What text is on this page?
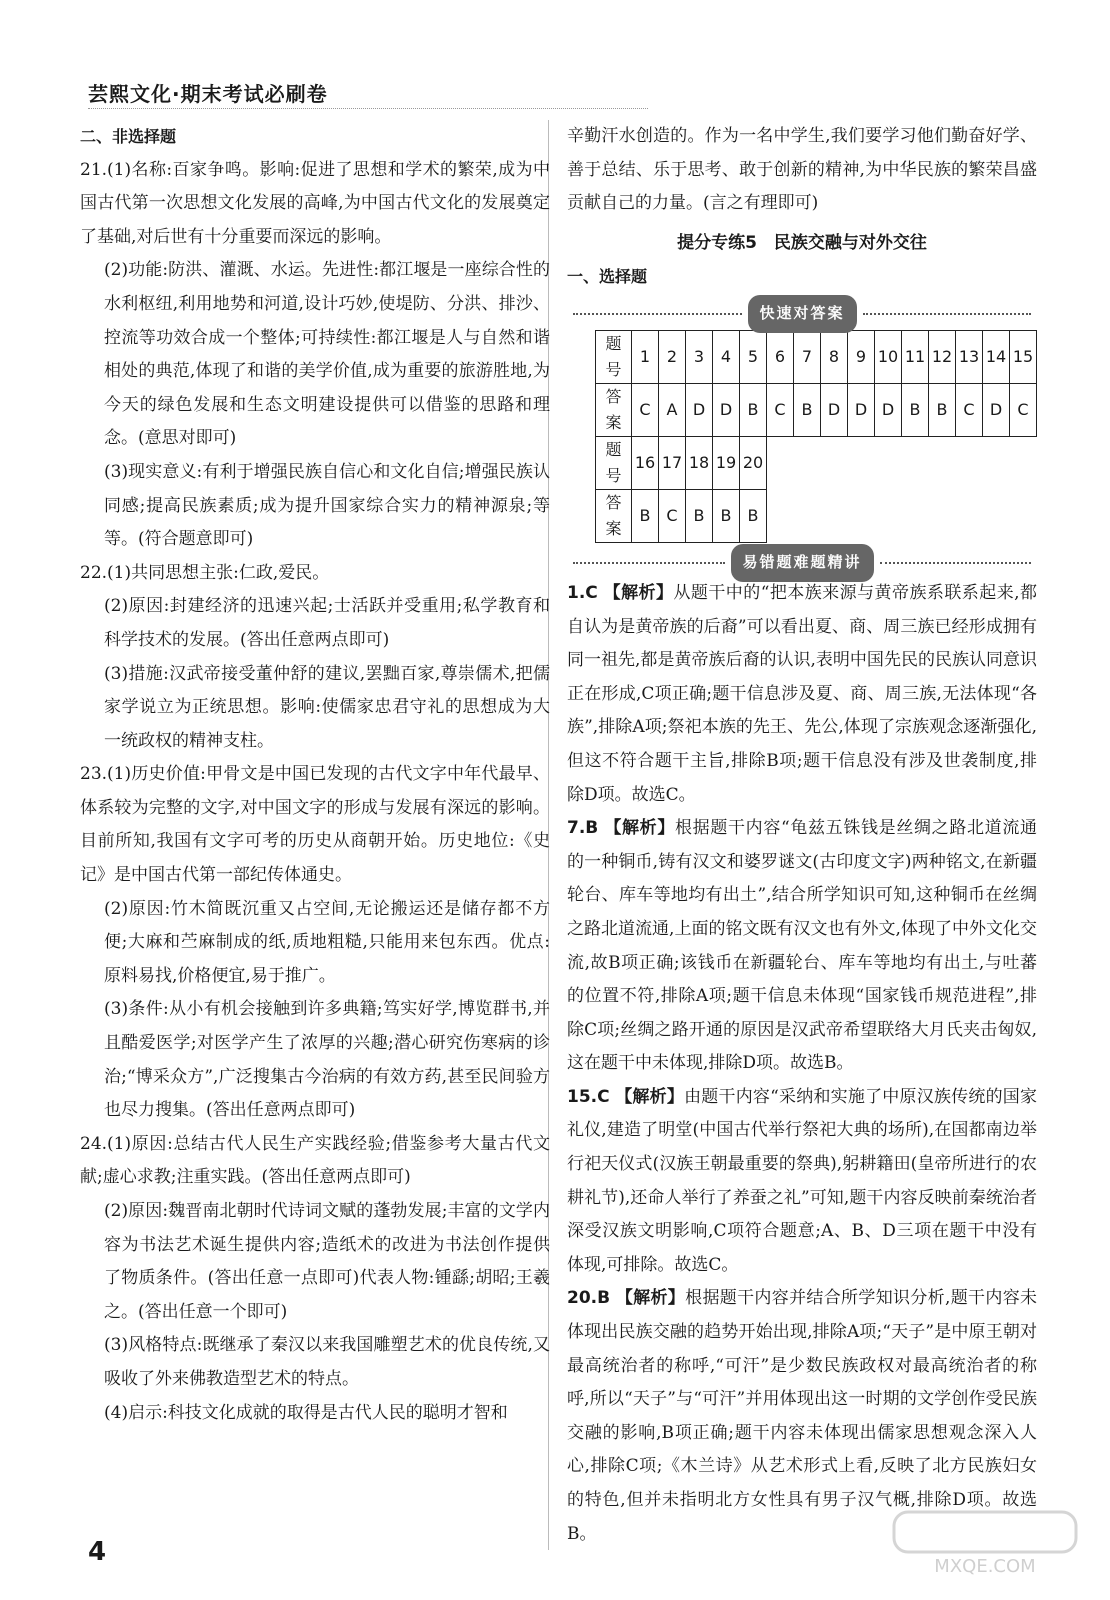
芸熙文化·期末考试必刷卷

二、非选择题

21.(1)名称:百家争鸣。影响:促进了思想和学术的繁荣,成为中国古代第一次思想文化发展的高峰,为中国古代文化的发展奠定了基础,对后世有十分重要而深远的影响。

(2)功能:防洪、灌溉、水运。先进性:都江堰是一座综合性的水利枢纽,利用地势和河道,设计巧妙,使堤防、分洪、排沙、控流等功效合成一个整体;可持续性:都江堰是人与自然和谐相处的典范,体现了和谐的美学价值,成为重要的旅游胜地,为今天的绿色发展和生态文明建设提供可以借鉴的思路和理念。(意思对即可)

(3)现实意义:有利于增强民族自信心和文化自信;增强民族认同感;提高民族素质;成为提升国家综合实力的精神源泉;等等。(符合题意即可)

22.(1)共同思想主张:仁政,爱民。

(2)原因:封建经济的迅速兴起;士活跃并受重用;私学教育和科学技术的发展。(答出任意两点即可)

(3)措施:汉武帝接受董仲舒的建议,罢黜百家,尊崇儒术,把儒家学说立为正统思想。影响:使儒家忠君守礼的思想成为大一统政权的精神支柱。

23.(1)历史价值:甲骨文是中国已发现的古代文字中年代最早、体系较为完整的文字,对中国文字的形成与发展有深远的影响。目前所知,我国有文字可考的历史从商朝开始。历史地位:《史记》是中国古代第一部纪传体通史。

(2)原因:竹木简既沉重又占空间,无论搬运还是储存都不方便;大麻和苎麻制成的纸,质地粗糙,只能用来包东西。优点:原料易找,价格便宜,易于推广。

(3)条件:从小有机会接触到许多典籍;笃实好学,博览群书,并且酷爱医学;对医学产生了浓厚的兴趣;潜心研究伤寒病的诊治;“博采众方”,广泛搜集古今治病的有效方药,甚至民间验方也尽力搜集。(答出任意两点即可)

24.(1)原因:总结古代人民生产实践经验;借鉴参考大量古代文献;虚心求教;注重实践。(答出任意两点即可)

(2)原因:魏晋南北朝时代诗词文赋的蓬勃发展;丰富的文学内容为书法艺术诞生提供内容;造纸术的改进为书法创作提供了物质条件。(答出任意一点即可)代表人物:锺繇;胡昭;王羲之。(答出任意一个即可)

(3)风格特点:既继承了秦汉以来我国雕塑艺术的优良传统,又吸收了外来佛教造型艺术的特点。

(4)启示:科技文化成就的取得是古代人民的聪明才智和

辛勤汗水创造的。作为一名中学生,我们要学习他们勤奋好学、善于总结、乐于思考、敢于创新的精神,为中华民族的繁荣昌盛贡献自己的力量。(言之有理即可)

提分专练5　民族交融与对外交往

一、选择题

快速对答案
题号	1	2	3	4	5	6	7	8	9	10	11	12	13	14	15
答案	C	A	D	D	B	C	B	D	D	D	B	B	C	D	C
题号	16	17	18	19	20										
答案	B	C	B	B	B										
易错题难题精讲

1.C 【解析】从题干中的“把本族来源与黄帝族系联系起来,都自认为是黄帝族的后裔”可以看出夏、商、周三族已经形成拥有同一祖先,都是黄帝族后裔的认识,表明中国先民的民族认同意识正在形成,C项正确;题干信息涉及夏、商、周三族,无法体现“各族”,排除A项;祭祀本族的先王、先公,体现了宗族观念逐渐强化,但这不符合题干主旨,排除B项;题干信息没有涉及世袭制度,排除D项。故选C。

7.B 【解析】根据题干内容“龟兹五铢钱是丝绸之路北道流通的一种铜币,铸有汉文和婆罗谜文(古印度文字)两种铭文,在新疆轮台、库车等地均有出土”,结合所学知识可知,这种铜币在丝绸之路北道流通,上面的铭文既有汉文也有外文,体现了中外文化交流,故B项正确;该钱币在新疆轮台、库车等地均有出土,与吐蕃的位置不符,排除A项;题干信息未体现“国家钱币规范进程”,排除C项;丝绸之路开通的原因是汉武帝希望联络大月氏夹击匈奴,这在题干中未体现,排除D项。故选B。

15.C 【解析】由题干内容“采纳和实施了中原汉族传统的国家礼仪,建造了明堂(中国古代举行祭祀大典的场所),在国都南边举行祀天仪式(汉族王朝最重要的祭典),躬耕籍田(皇帝所进行的农耕礼节),还命人举行了养蚕之礼”可知,题干内容反映前秦统治者深受汉族文明影响,C项符合题意;A、B、D三项在题干中没有体现,可排除。故选C。

20.B 【解析】根据题干内容并结合所学知识分析,题干内容未体现出民族交融的趋势开始出现,排除A项;“天子”是中原王朝对最高统治者的称呼,“可汗”是少数民族政权对最高统治者的称呼,所以“天子”与“可汗”并用体现出这一时期的文学创作受民族交融的影响,B项正确;题干内容未体现出儒家思想观念深入人心,排除C项;《木兰诗》从艺术形式上看,反映了北方民族妇女的特色,但并未指明北方女性具有男子汉气概,排除D项。故选B。

4	MXQE.COM
